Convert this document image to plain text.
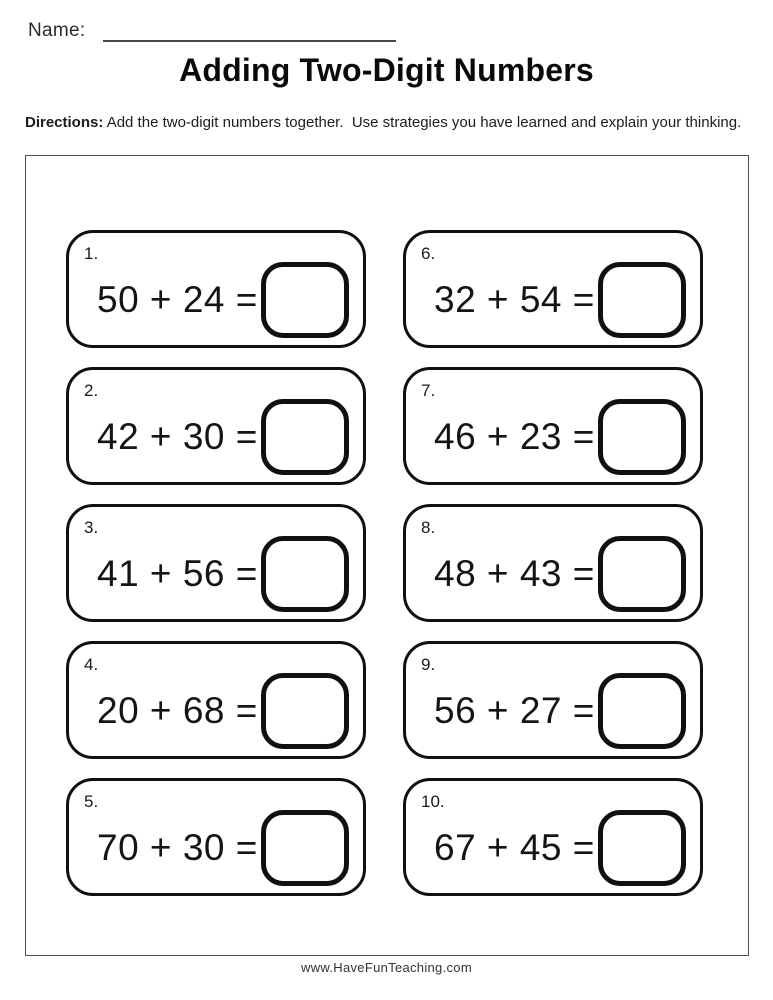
Name:
Adding Two-Digit Numbers

Directions: Add the two-digit numbers together.  Use strategies you have learned and explain your thinking.

1.
50 + 24 =
2.
42 + 30 =
3.
41 + 56 =
4.
20 + 68 =
5.
70 + 30 =
6.
32 + 54 =
7.
46 + 23 =
8.
48 + 43 =
9.
56 + 27 =
10.
67 + 45 =
www.HaveFunTeaching.com
